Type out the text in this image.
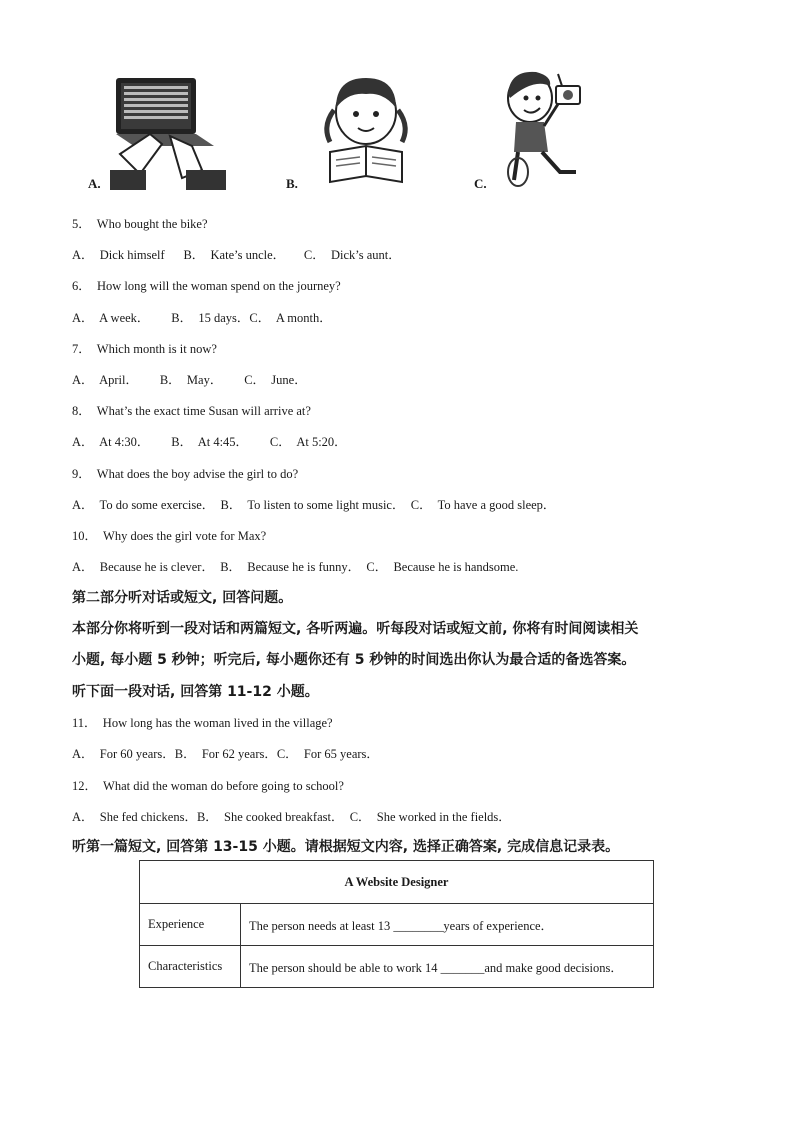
A.	B.	C.
5．  Who bought the bike?
A．  Dick himself      B．  Kate’s uncle．      C．  Dick’s aunt．
6．  How long will the woman spend on the journey?
A．  A week．       B．  15 days．C．  A month．
7．  Which month is it now?
A．  April．       B．  May．       C．  June．
8．  What’s the exact time Susan will arrive at?
A．  At 4:30．       B．  At 4:45．       C．  At 5:20．
9．  What does the boy advise the girl to do?
A．  To do some exercise．  B．  To listen to some light music．  C．  To have a good sleep．
10．  Why does the girl vote for Max?
A．  Because he is clever．  B．  Because he is funny．  C．  Because he is handsome.
第二部分听对话或短文, 回答问题。
本部分你将听到一段对话和两篇短文, 各听两遍。听每段对话或短文前, 你将有时间阅读相关
小题, 每小题 5 秒钟；听完后, 每小题你还有 5 秒钟的时间选出你认为最合适的备选答案。
听下面一段对话, 回答第 11-12 小题。
11．  How long has the woman lived in the village?
A．  For 60 years．B．  For 62 years．C．  For 65 years．
12．  What did the woman do before going to school?
A．  She fed chickens．B．  She cooked breakfast．  C．  She worked in the fields．
听第一篇短文, 回答第 13-15 小题。请根据短文内容, 选择正确答案, 完成信息记录表。
A Website Designer	
Experience	The person needs at least 13 ________years of experience．
Characteristics	The person should be able to work 14 _______and make good decisions．
